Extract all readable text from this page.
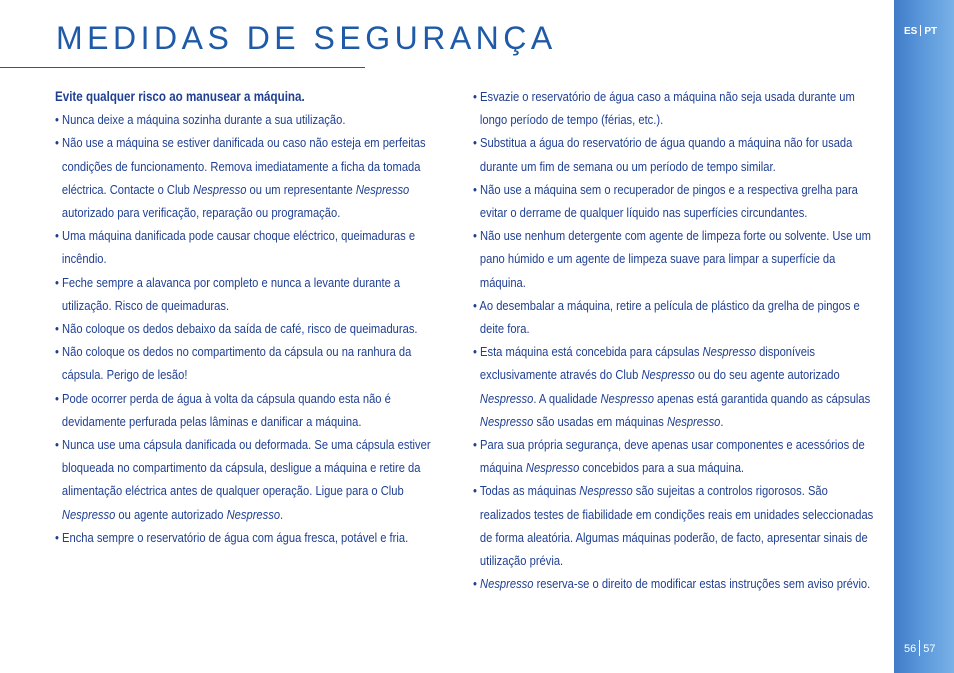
MEDIDAS DE SEGURANÇA
Evite qualquer risco ao manusear a máquina.
• Nunca deixe a máquina sozinha durante a sua utilização.
• Não use a máquina se estiver danificada ou caso não esteja em perfeitas condições de funcionamento. Remova imediatamente a ficha da tomada eléctrica. Contacte o Club Nespresso ou um representante Nespresso autorizado para verificação, reparação ou programação.
• Uma máquina danificada pode causar choque eléctrico, queimaduras e incêndio.
• Feche sempre a alavanca por completo e nunca a levante durante a utilização. Risco de queimaduras.
• Não coloque os dedos debaixo da saída de café, risco de queimaduras.
• Não coloque os dedos no compartimento da cápsula ou na ranhura da cápsula. Perigo de lesão!
• Pode ocorrer perda de água à volta da cápsula quando esta não é devidamente perfurada pelas lâminas e danificar a máquina.
• Nunca use uma cápsula danificada ou deformada. Se uma cápsula estiver bloqueada no compartimento da cápsula, desligue a máquina e retire da alimentação eléctrica antes de qualquer operação. Ligue para o Club Nespresso ou agente autorizado Nespresso.
• Encha sempre o reservatório de água com água fresca, potável e fria.
• Esvazie o reservatório de água caso a máquina não seja usada durante um longo período de tempo (férias, etc.).
• Substitua a água do reservatório de água quando a máquina não for usada durante um fim de semana ou um período de tempo similar.
• Não use a máquina sem o recuperador de pingos e a respectiva grelha para evitar o derrame de qualquer líquido nas superfícies circundantes.
• Não use nenhum detergente com agente de limpeza forte ou solvente. Use um pano húmido e um agente de limpeza suave para limpar a superfície da máquina.
• Ao desembalar a máquina, retire a película de plástico da grelha de pingos e deite fora.
• Esta máquina está concebida para cápsulas Nespresso disponíveis exclusivamente através do Club Nespresso ou do seu agente autorizado Nespresso. A qualidade Nespresso apenas está garantida quando as cápsulas Nespresso são usadas em máquinas Nespresso.
• Para sua própria segurança, deve apenas usar componentes e acessórios de máquina Nespresso concebidos para a sua máquina.
• Todas as máquinas Nespresso são sujeitas a controlos rigorosos. São realizados testes de fiabilidade em condições reais em unidades seleccionadas de forma aleatória. Algumas máquinas poderão, de facto, apresentar sinais de utilização prévia.
• Nespresso reserva-se o direito de modificar estas instruções sem aviso prévio.
ES PT
56 57
